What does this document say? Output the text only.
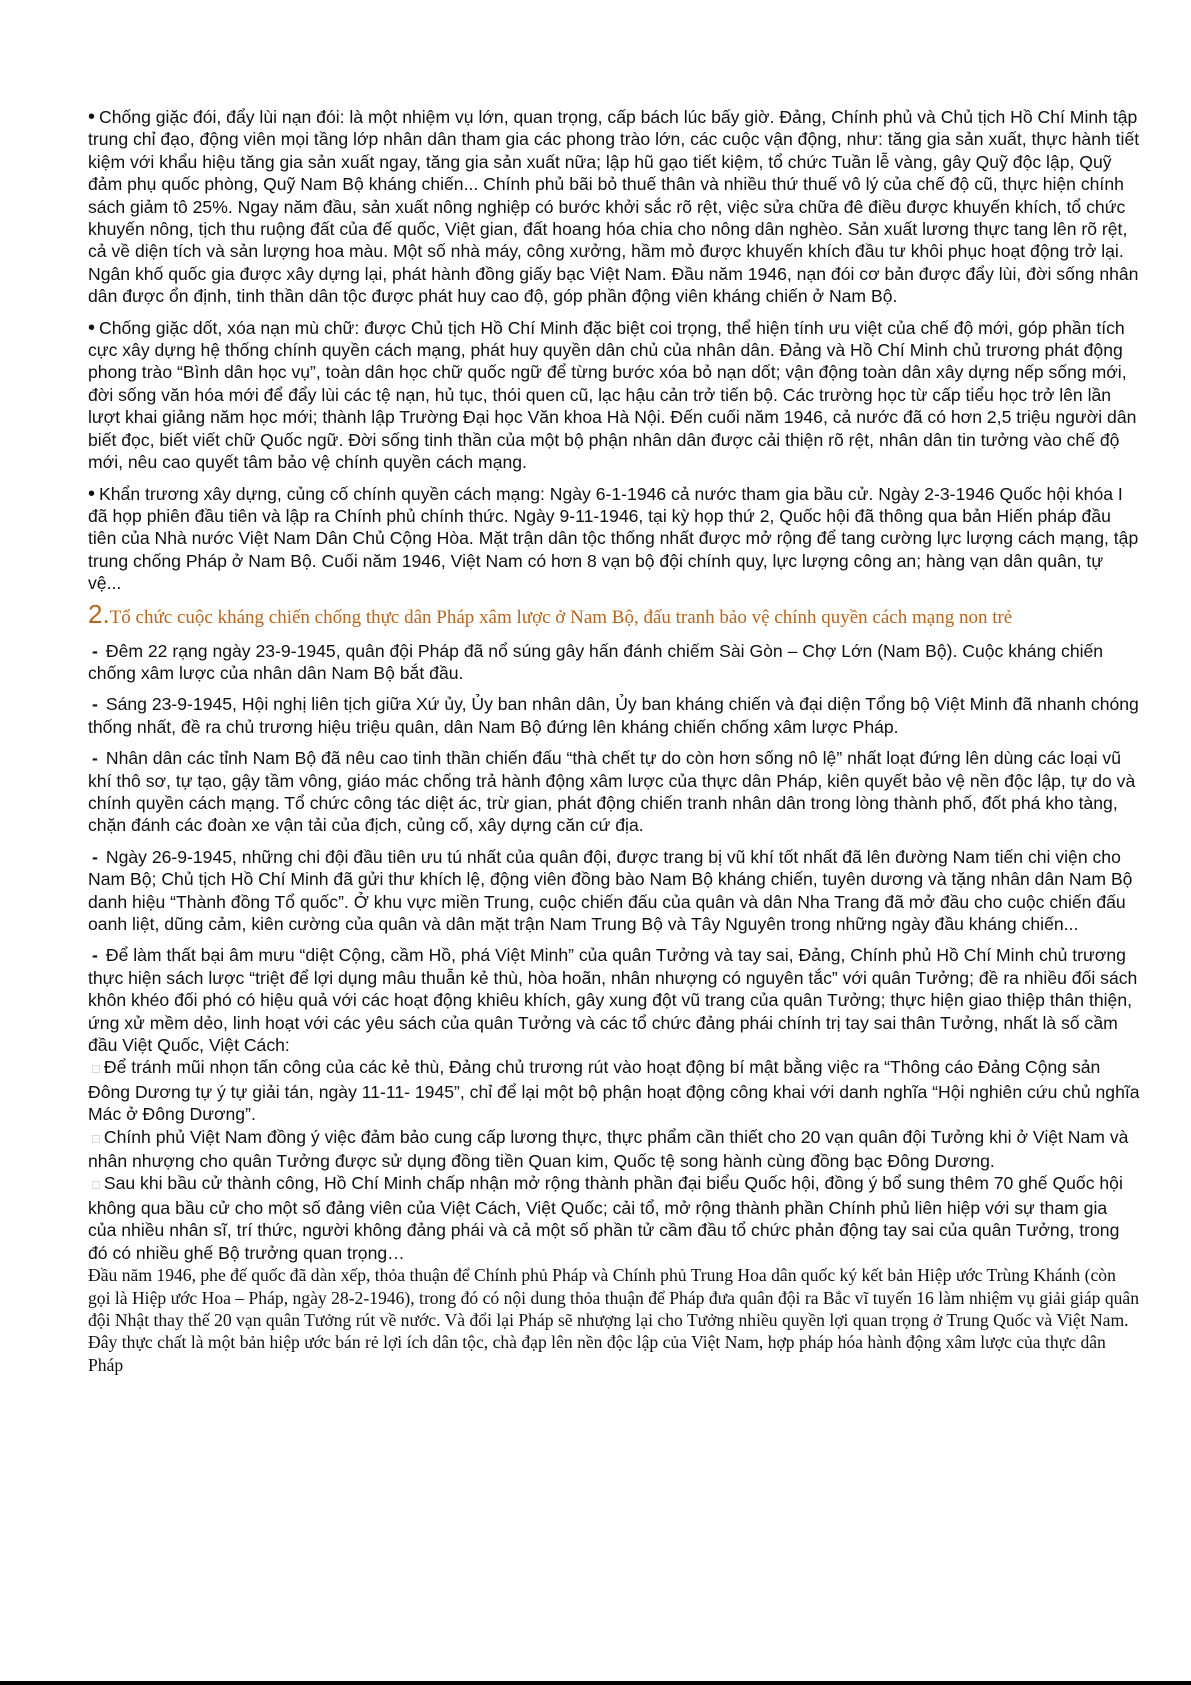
• Chống giặc đói, đẩy lùi nạn đói: là một nhiệm vụ lớn, quan trọng, cấp bách lúc bấy giờ. Đảng, Chính phủ và Chủ tịch Hồ Chí Minh tập trung chỉ đạo, động viên mọi tầng lớp nhân dân tham gia các phong trào lớn, các cuộc vận động, như: tăng gia sản xuất, thực hành tiết kiệm với khẩu hiệu tăng gia sản xuất ngay, tăng gia sản xuất nữa; lập hũ gạo tiết kiệm, tổ chức Tuần lễ vàng, gây Quỹ độc lập, Quỹ đảm phụ quốc phòng, Quỹ Nam Bộ kháng chiến... Chính phủ bãi bỏ thuế thân và nhiều thứ thuế vô lý của chế độ cũ, thực hiện chính sách giảm tô 25%. Ngay năm đầu, sản xuất nông nghiệp có bước khởi sắc rõ rệt, việc sửa chữa đê điều được khuyến khích, tổ chức khuyến nông, tịch thu ruộng đất của đế quốc, Việt gian, đất hoang hóa chia cho nông dân nghèo. Sản xuất lương thực tang lên rõ rệt, cả về diện tích và sản lượng hoa màu. Một số nhà máy, công xưởng, hầm mỏ được khuyến khích đầu tư khôi phục hoạt động trở lại. Ngân khố quốc gia được xây dựng lại, phát hành đồng giấy bạc Việt Nam. Đầu năm 1946, nạn đói cơ bản được đẩy lùi, đời sống nhân dân được ổn định, tinh thần dân tộc được phát huy cao độ, góp phần động viên kháng chiến ở Nam Bộ.

• Chống giặc dốt, xóa nạn mù chữ: được Chủ tịch Hồ Chí Minh đặc biệt coi trọng, thể hiện tính ưu việt của chế độ mới, góp phần tích cực xây dựng hệ thống chính quyền cách mạng, phát huy quyền dân chủ của nhân dân. Đảng và Hồ Chí Minh chủ trương phát động phong trào “Bình dân học vụ”, toàn dân học chữ quốc ngữ để từng bước xóa bỏ nạn dốt; vận động toàn dân xây dựng nếp sống mới, đời sống văn hóa mới để đẩy lùi các tệ nạn, hủ tục, thói quen cũ, lạc hậu cản trở tiến bộ. Các trường học từ cấp tiểu học trở lên lần lượt khai giảng năm học mới; thành lập Trường Đại học Văn khoa Hà Nội. Đến cuối năm 1946, cả nước đã có hơn 2,5 triệu người dân biết đọc, biết viết chữ Quốc ngữ. Đời sống tinh thần của một bộ phận nhân dân được cải thiện rõ rệt, nhân dân tin tưởng vào chế độ mới, nêu cao quyết tâm bảo vệ chính quyền cách mạng.

• Khẩn trương xây dựng, củng cố chính quyền cách mạng: Ngày 6-1-1946 cả nước tham gia bầu cử. Ngày 2-3-1946 Quốc hội khóa I đã họp phiên đầu tiên và lập ra Chính phủ chính thức. Ngày 9-11-1946, tại kỳ họp thứ 2, Quốc hội đã thông qua bản Hiến pháp đầu tiên của Nhà nước Việt Nam Dân Chủ Cộng Hòa. Mặt trận dân tộc thống nhất được mở rộng để tang cường lực lượng cách mạng, tập trung chống Pháp ở Nam Bộ. Cuối năm 1946, Việt Nam có hơn 8 vạn bộ đội chính quy, lực lượng công an; hàng vạn dân quân, tự vệ...

2.Tổ chức cuộc kháng chiến chống thực dân Pháp xâm lược ở Nam Bộ, đấu tranh bảo vệ chính quyền cách mạng non trẻ

- Đêm 22 rạng ngày 23-9-1945, quân đội Pháp đã nổ súng gây hấn đánh chiếm Sài Gòn – Chợ Lớn (Nam Bộ). Cuộc kháng chiến chống xâm lược của nhân dân Nam Bộ bắt đầu.

- Sáng 23-9-1945, Hội nghị liên tịch giữa Xứ ủy, Ủy ban nhân dân, Ủy ban kháng chiến và đại diện Tổng bộ Việt Minh đã nhanh chóng thống nhất, đề ra chủ trương hiệu triệu quân, dân Nam Bộ đứng lên kháng chiến chống xâm lược Pháp.

- Nhân dân các tỉnh Nam Bộ đã nêu cao tinh thần chiến đấu “thà chết tự do còn hơn sống nô lệ” nhất loạt đứng lên dùng các loại vũ khí thô sơ, tự tạo, gậy tầm vông, giáo mác chống trả hành động xâm lược của thực dân Pháp, kiên quyết bảo vệ nền độc lập, tự do và chính quyền cách mạng. Tổ chức công tác diệt ác, trừ gian, phát động chiến tranh nhân dân trong lòng thành phố, đốt phá kho tàng, chặn đánh các đoàn xe vận tải của địch, củng cố, xây dựng căn cứ địa.

- Ngày 26-9-1945, những chi đội đầu tiên ưu tú nhất của quân đội, được trang bị vũ khí tốt nhất đã lên đường Nam tiến chi viện cho Nam Bộ; Chủ tịch Hồ Chí Minh đã gửi thư khích lệ, động viên đồng bào Nam Bộ kháng chiến, tuyên dương và tặng nhân dân Nam Bộ danh hiệu “Thành đồng Tổ quốc”. Ở khu vực miền Trung, cuộc chiến đấu của quân và dân Nha Trang đã mở đầu cho cuộc chiến đấu oanh liệt, dũng cảm, kiên cường của quân và dân mặt trận Nam Trung Bộ và Tây Nguyên trong những ngày đầu kháng chiến...

- Để làm thất bại âm mưu “diệt Cộng, cầm Hồ, phá Việt Minh” của quân Tưởng và tay sai, Đảng, Chính phủ Hồ Chí Minh chủ trương thực hiện sách lược “triệt để lợi dụng mâu thuẫn kẻ thù, hòa hoãn, nhân nhượng có nguyên tắc” với quân Tưởng; đề ra nhiều đối sách khôn khéo đối phó có hiệu quả với các hoạt động khiêu khích, gây xung đột vũ trang của quân Tưởng; thực hiện giao thiệp thân thiện, ứng xử mềm dẻo, linh hoạt với các yêu sách của quân Tưởng và các tổ chức đảng phái chính trị tay sai thân Tưởng, nhất là số cầm đầu Việt Quốc, Việt Cách:

□ Để tránh mũi nhọn tấn công của các kẻ thù, Đảng chủ trương rút vào hoạt động bí mật bằng việc ra “Thông cáo Đảng Cộng sản Đông Dương tự ý tự giải tán, ngày 11-11- 1945”, chỉ để lại một bộ phận hoạt động công khai với danh nghĩa “Hội nghiên cứu chủ nghĩa Mác ở Đông Dương”.

□ Chính phủ Việt Nam đồng ý việc đảm bảo cung cấp lương thực, thực phẩm cần thiết cho 20 vạn quân đội Tưởng khi ở Việt Nam và nhân nhượng cho quân Tưởng được sử dụng đồng tiền Quan kim, Quốc tệ song hành cùng đồng bạc Đông Dương.

□ Sau khi bầu cử thành công, Hồ Chí Minh chấp nhận mở rộng thành phần đại biểu Quốc hội, đồng ý bổ sung thêm 70 ghế Quốc hội không qua bầu cử cho một số đảng viên của Việt Cách, Việt Quốc; cải tổ, mở rộng thành phần Chính phủ liên hiệp với sự tham gia của nhiều nhân sĩ, trí thức, người không đảng phái và cả một số phần tử cầm đầu tổ chức phản động tay sai của quân Tưởng, trong đó có nhiều ghế Bộ trưởng quan trọng…

Đầu năm 1946, phe đế quốc đã dàn xếp, thỏa thuận để Chính phủ Pháp và Chính phủ Trung Hoa dân quốc ký kết bản Hiệp ước Trùng Khánh (còn gọi là Hiệp ước Hoa – Pháp, ngày 28-2-1946), trong đó có nội dung thỏa thuận để Pháp đưa quân đội ra Bắc vĩ tuyến 16 làm nhiệm vụ giải giáp quân đội Nhật thay thế 20 vạn quân Tưởng rút về nước. Và đổi lại Pháp sẽ nhượng lại cho Tưởng nhiều quyền lợi quan trọng ở Trung Quốc và Việt Nam. Đây thực chất là một bản hiệp ước bán rẻ lợi ích dân tộc, chà đạp lên nền độc lập của Việt Nam, hợp pháp hóa hành động xâm lược của thực dân Pháp
